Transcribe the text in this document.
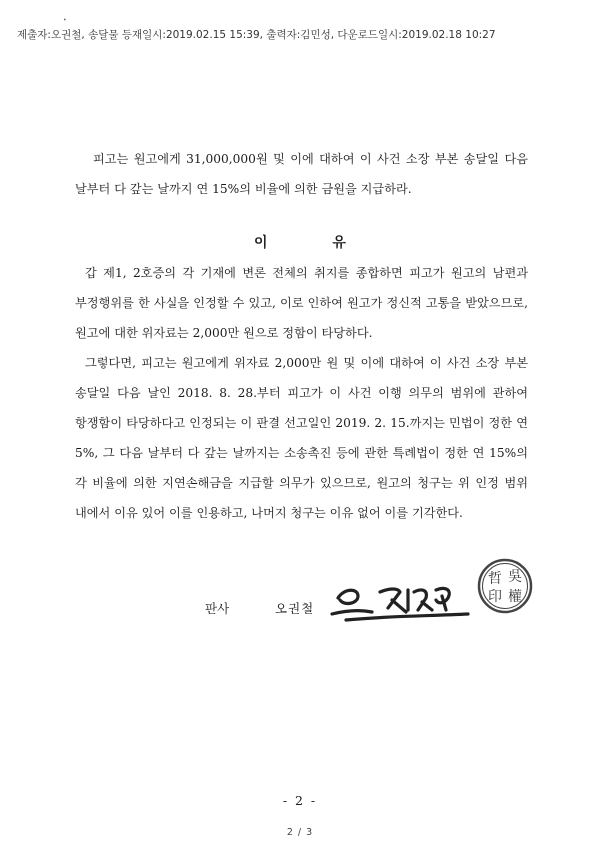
•
제출자:오권철, 송달물 등재일시:2019.02.15 15:39, 출력자:김민성, 다운로드일시:2019.02.18 10:27
피고는 원고에게 31,000,000원 및 이에 대하여 이 사건 소장 부본 송달일 다음 날부터 다 갚는 날까지 연 15%의 비율에 의한 금원을 지급하라.
이 유
갑 제1, 2호증의 각 기재에 변론 전체의 취지를 종합하면 피고가 원고의 남편과 부정행위를 한 사실을 인정할 수 있고, 이로 인하여 원고가 정신적 고통을 받았으므로, 원고에 대한 위자료는 2,000만 원으로 정함이 타당하다.
그렇다면, 피고는 원고에게 위자료 2,000만 원 및 이에 대하여 이 사건 소장 부본 송달일 다음 날인 2018. 8. 28.부터 피고가 이 사건 이행 의무의 범위에 관하여 항쟁함이 타당하다고 인정되는 이 판결 선고일인 2019. 2. 15.까지는 민법이 정한 연 5%, 그 다음 날부터 다 갚는 날까지는 소송촉진 등에 관한 특례법이 정한 연 15%의 각 비율에 의한 지연손해금을 지급할 의무가 있으므로, 원고의 청구는 위 인정 범위 내에서 이유 있어 이를 인용하고, 나머지 청구는 이유 없어 이를 기각한다.
판사	오권철
哲 吳
印 權
- 2 -
2 / 3
